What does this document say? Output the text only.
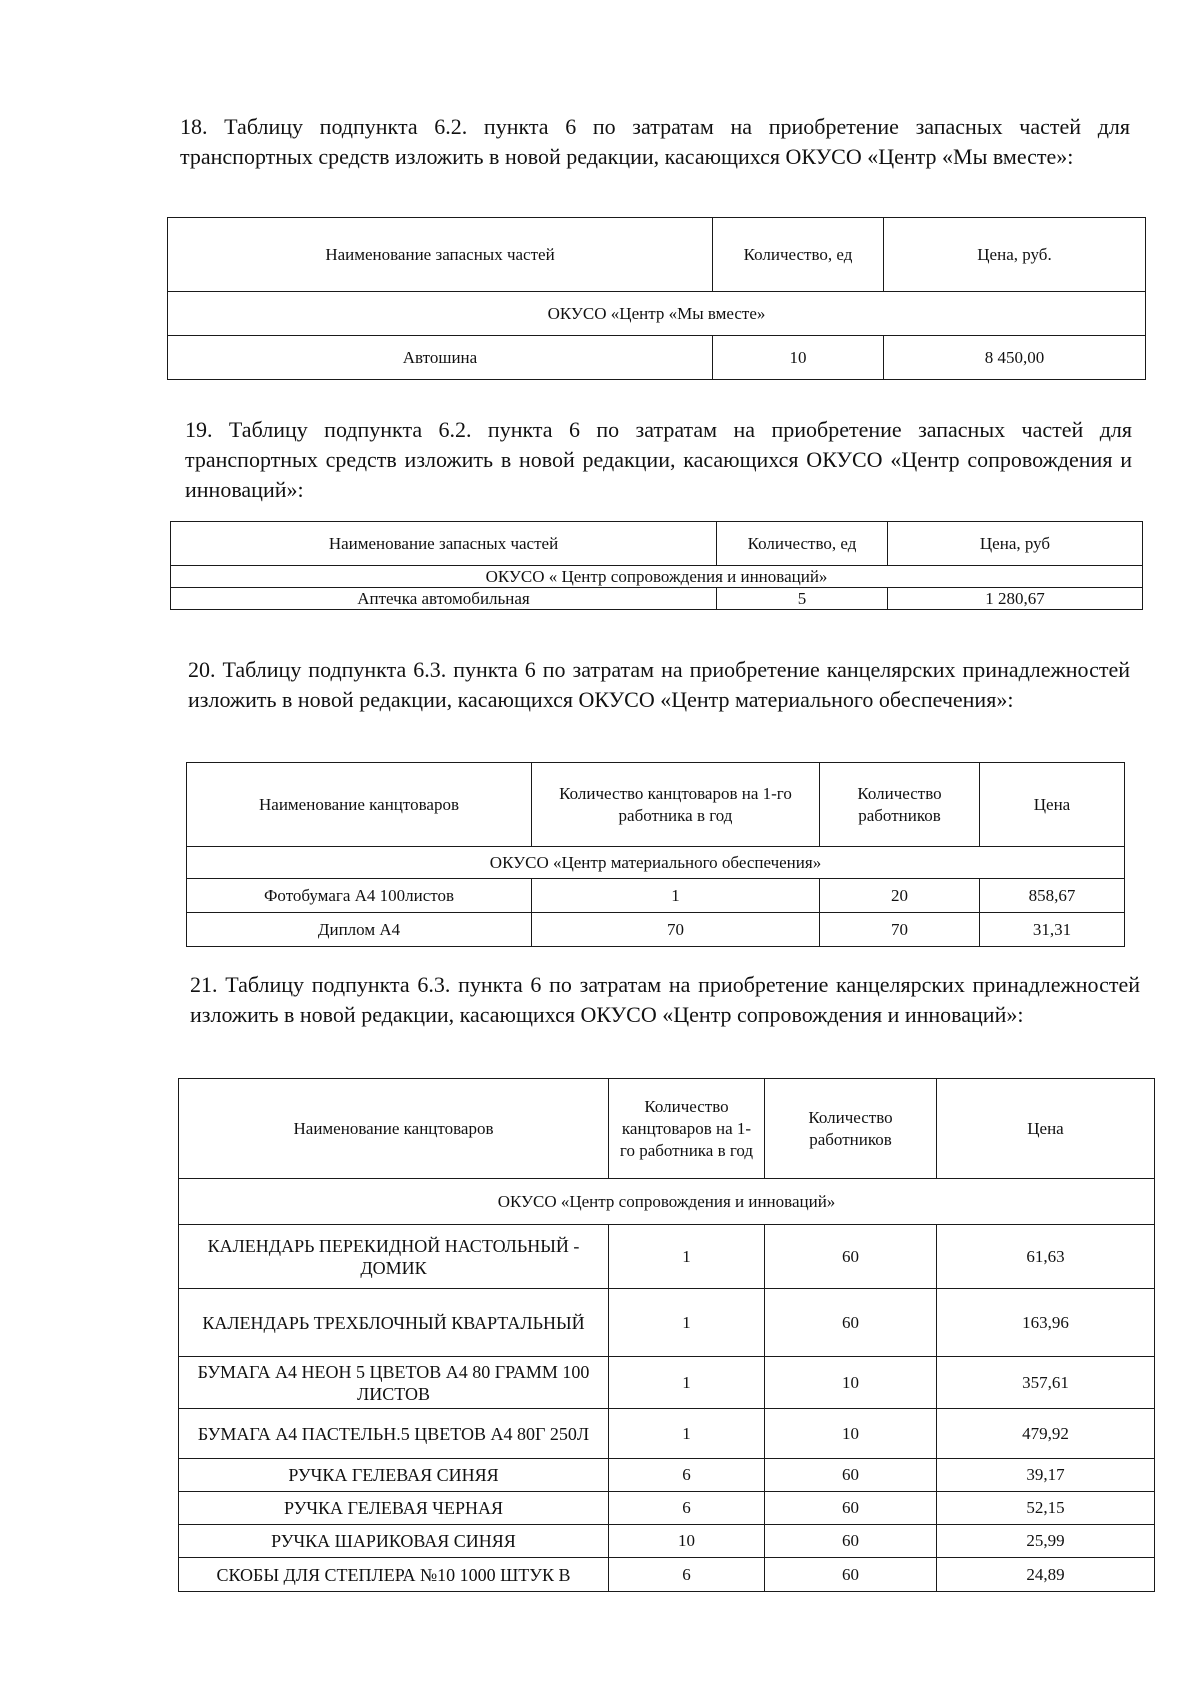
18. Таблицу подпункта 6.2. пункта 6 по затратам на приобретение запасных частей для транспортных средств изложить в новой редакции, касающихся ОКУСО «Центр «Мы вместе»:

Наименование запасных частей	Количество, ед	Цена, руб.
ОКУСО «Центр «Мы вместе»		
Автошина	10	8 450,00

19. Таблицу подпункта 6.2. пункта 6 по затратам на приобретение запасных частей для транспортных средств изложить в новой редакции, касающихся ОКУСО «Центр сопровождения и инноваций»:

Наименование запасных частей	Количество, ед	Цена, руб
ОКУСО « Центр сопровождения и инноваций»		
Аптечка автомобильная	5	1 280,67

20. Таблицу подпункта 6.3. пункта 6 по затратам на приобретение канцелярских принадлежностей изложить в новой редакции, касающихся ОКУСО «Центр материального обеспечения»:

Наименование канцтоваров	Количество канцтоваров на 1-го работника в год	Количество работников	Цена
ОКУСО «Центр материального обеспечения»			
Фотобумага А4 100листов	1	20	858,67
Диплом А4	70	70	31,31

21. Таблицу подпункта 6.3. пункта 6 по затратам на приобретение канцелярских принадлежностей изложить в новой редакции, касающихся ОКУСО «Центр сопровождения и инноваций»:

Наименование канцтоваров	Количество канцтоваров на 1-го работника в год	Количество работников	Цена
ОКУСО «Центр сопровождения и инноваций»			
КАЛЕНДАРЬ ПЕРЕКИДНОЙ НАСТОЛЬНЫЙ - ДОМИК	1	60	61,63
КАЛЕНДАРЬ ТРЕХБЛОЧНЫЙ КВАРТАЛЬНЫЙ	1	60	163,96
БУМАГА А4 НЕОН 5 ЦВЕТОВ А4 80 ГРАММ 100 ЛИСТОВ	1	10	357,61
БУМАГА А4 ПАСТЕЛЬН.5 ЦВЕТОВ А4 80Г 250Л	1	10	479,92
РУЧКА ГЕЛЕВАЯ СИНЯЯ	6	60	39,17
РУЧКА ГЕЛЕВАЯ ЧЕРНАЯ	6	60	52,15
РУЧКА ШАРИКОВАЯ СИНЯЯ	10	60	25,99
СКОБЫ ДЛЯ СТЕПЛЕРА №10 1000 ШТУК В	6	60	24,89
